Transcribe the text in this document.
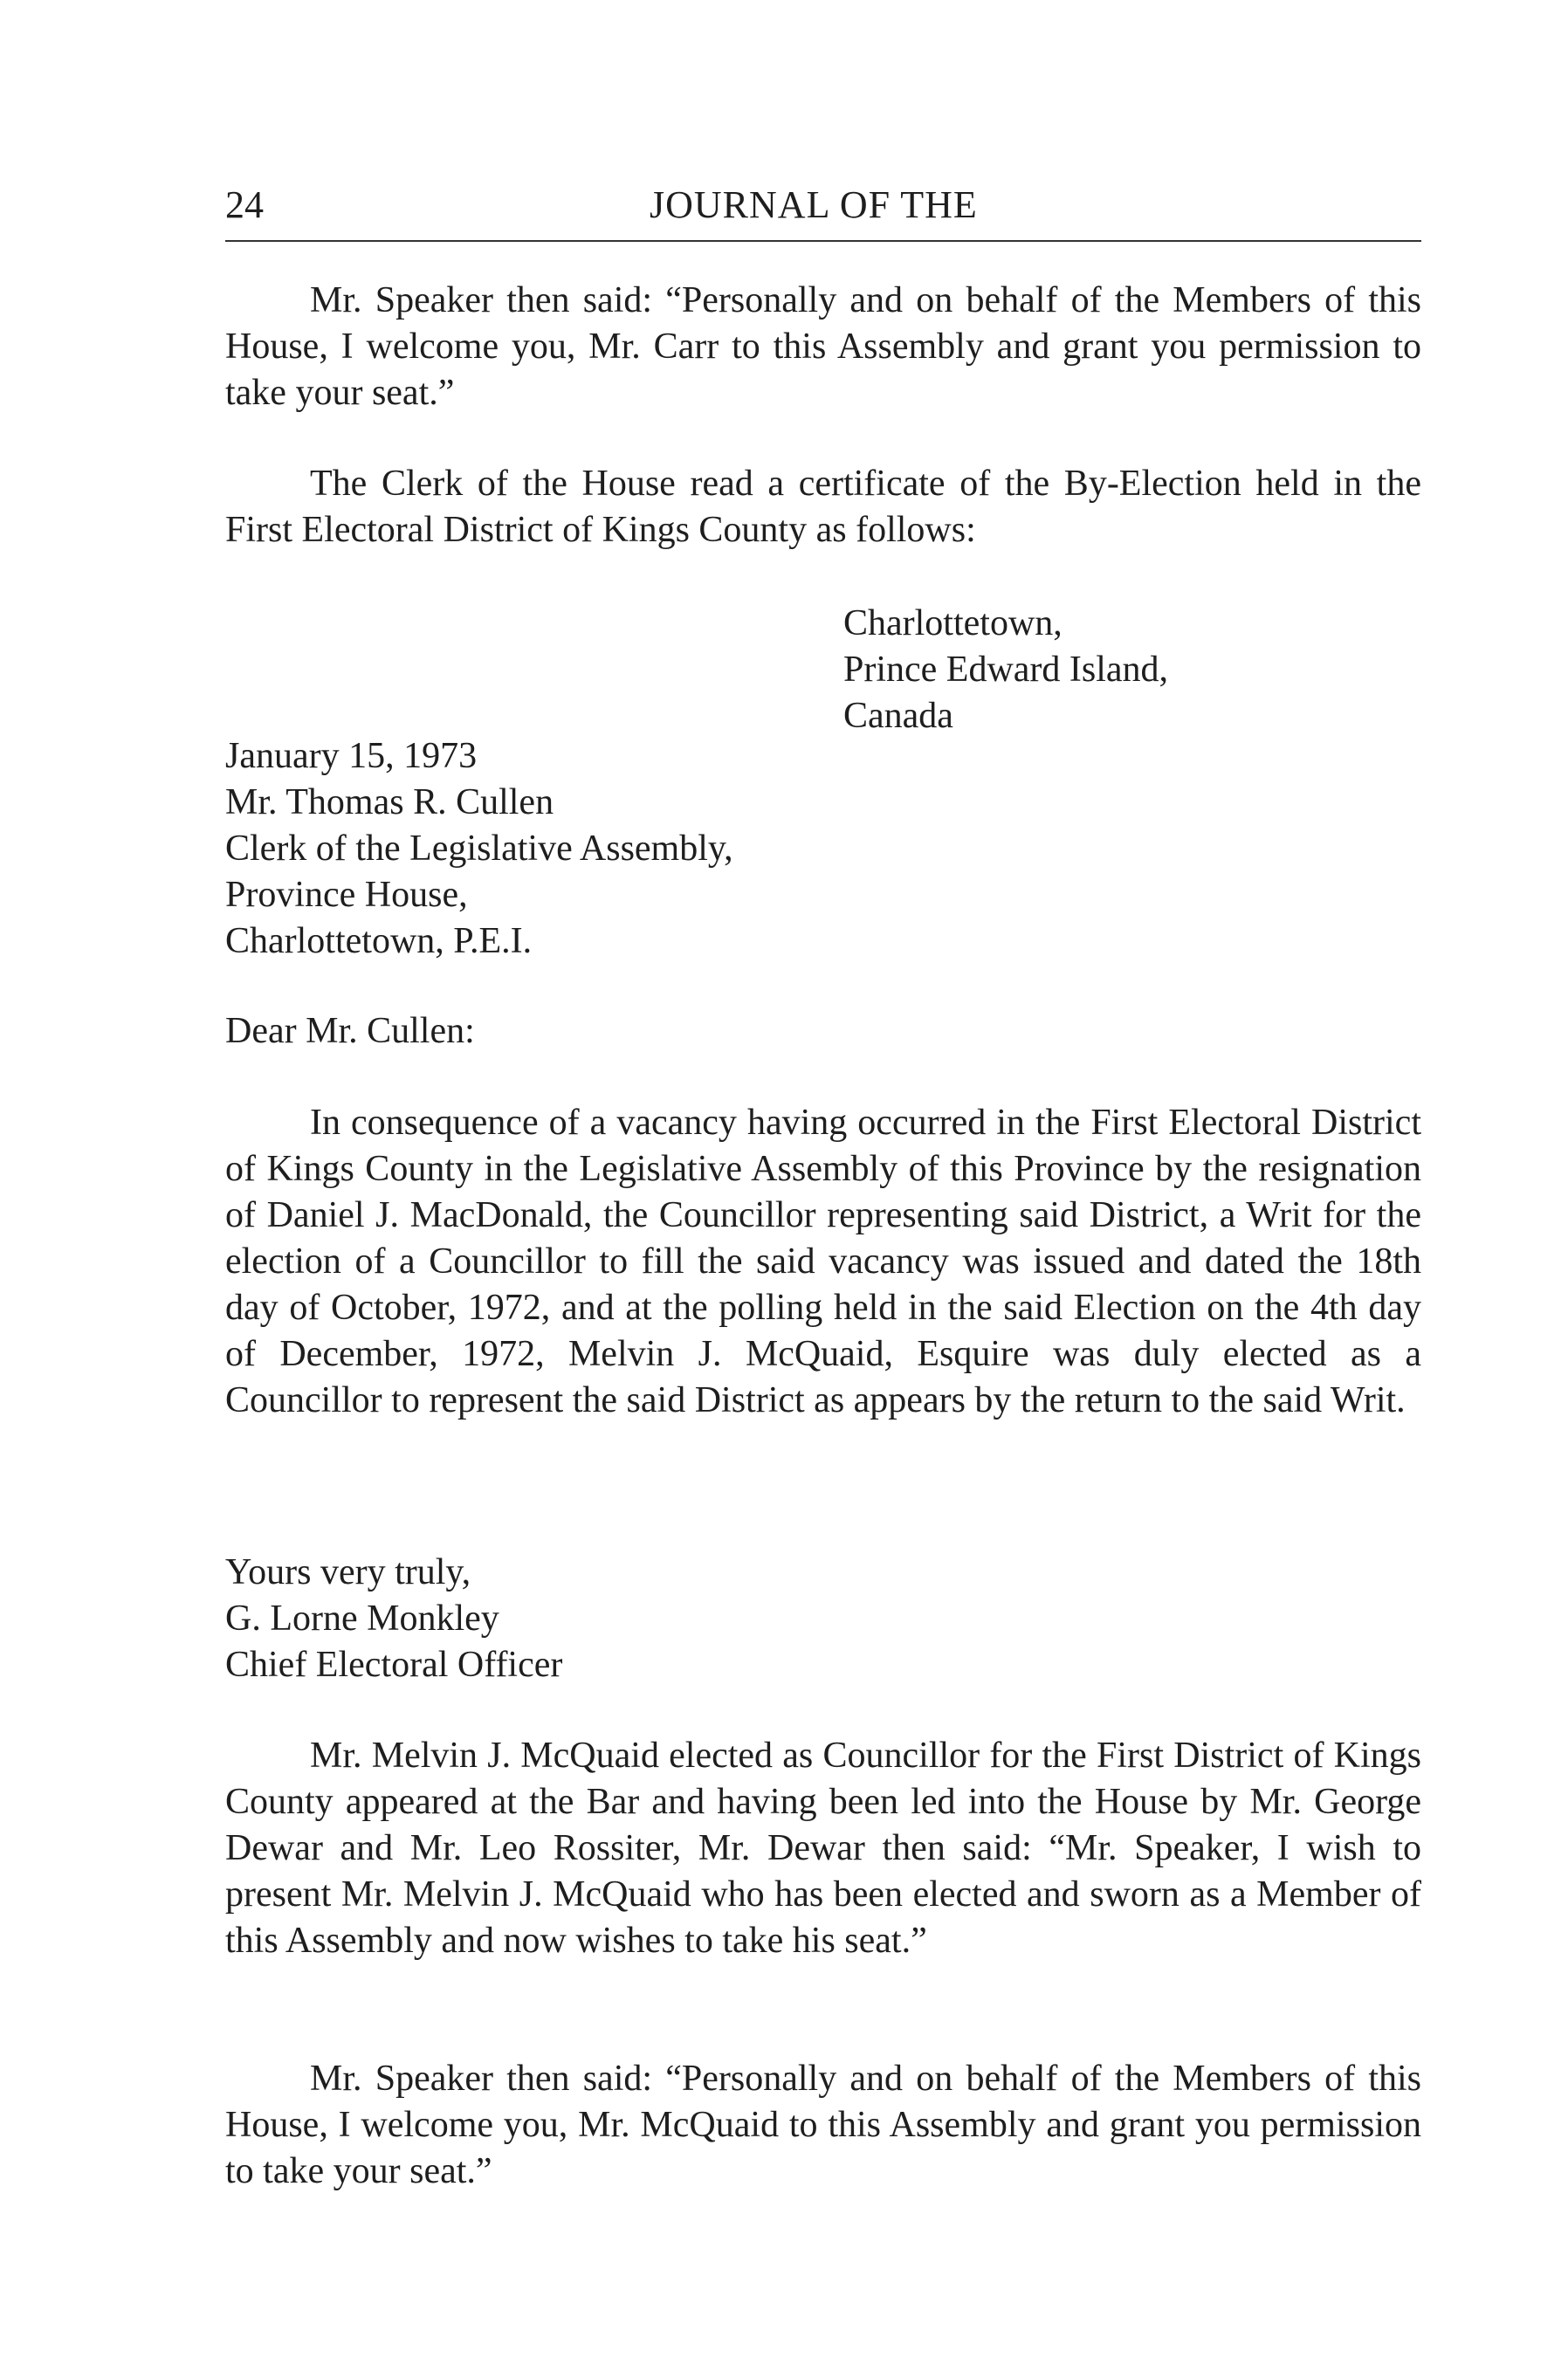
24	JOURNAL OF THE

Mr. Speaker then said: “Personally and on behalf of the Members of this House, I welcome you, Mr. Carr to this Assembly and grant you permission to take your seat.”

The Clerk of the House read a certificate of the By-Election held in the First Electoral District of Kings County as follows:

Charlottetown,
Prince Edward Island,
Canada
January 15, 1973
Mr. Thomas R. Cullen
Clerk of the Legislative Assembly,
Province House,
Charlottetown, P.E.I.
Dear Mr. Cullen:

In consequence of a vacancy having occurred in the First Electoral District of Kings County in the Legislative Assembly of this Province by the resignation of Daniel J. MacDonald, the Councillor representing said District, a Writ for the election of a Councillor to fill the said vacancy was issued and dated the 18th day of October, 1972, and at the polling held in the said Election on the 4th day of December, 1972, Melvin J. McQuaid, Esquire was duly elected as a Councillor to represent the said District as appears by the return to the said Writ.

Yours very truly,
G. Lorne Monkley
Chief Electoral Officer

Mr. Melvin J. McQuaid elected as Councillor for the First District of Kings County appeared at the Bar and having been led into the House by Mr. George Dewar and Mr. Leo Rossiter, Mr. Dewar then said: “Mr. Speaker, I wish to present Mr. Melvin J. McQuaid who has been elected and sworn as a Member of this Assembly and now wishes to take his seat.”

Mr. Speaker then said: “Personally and on behalf of the Members of this House, I welcome you, Mr. McQuaid to this Assembly and grant you permission to take your seat.”
